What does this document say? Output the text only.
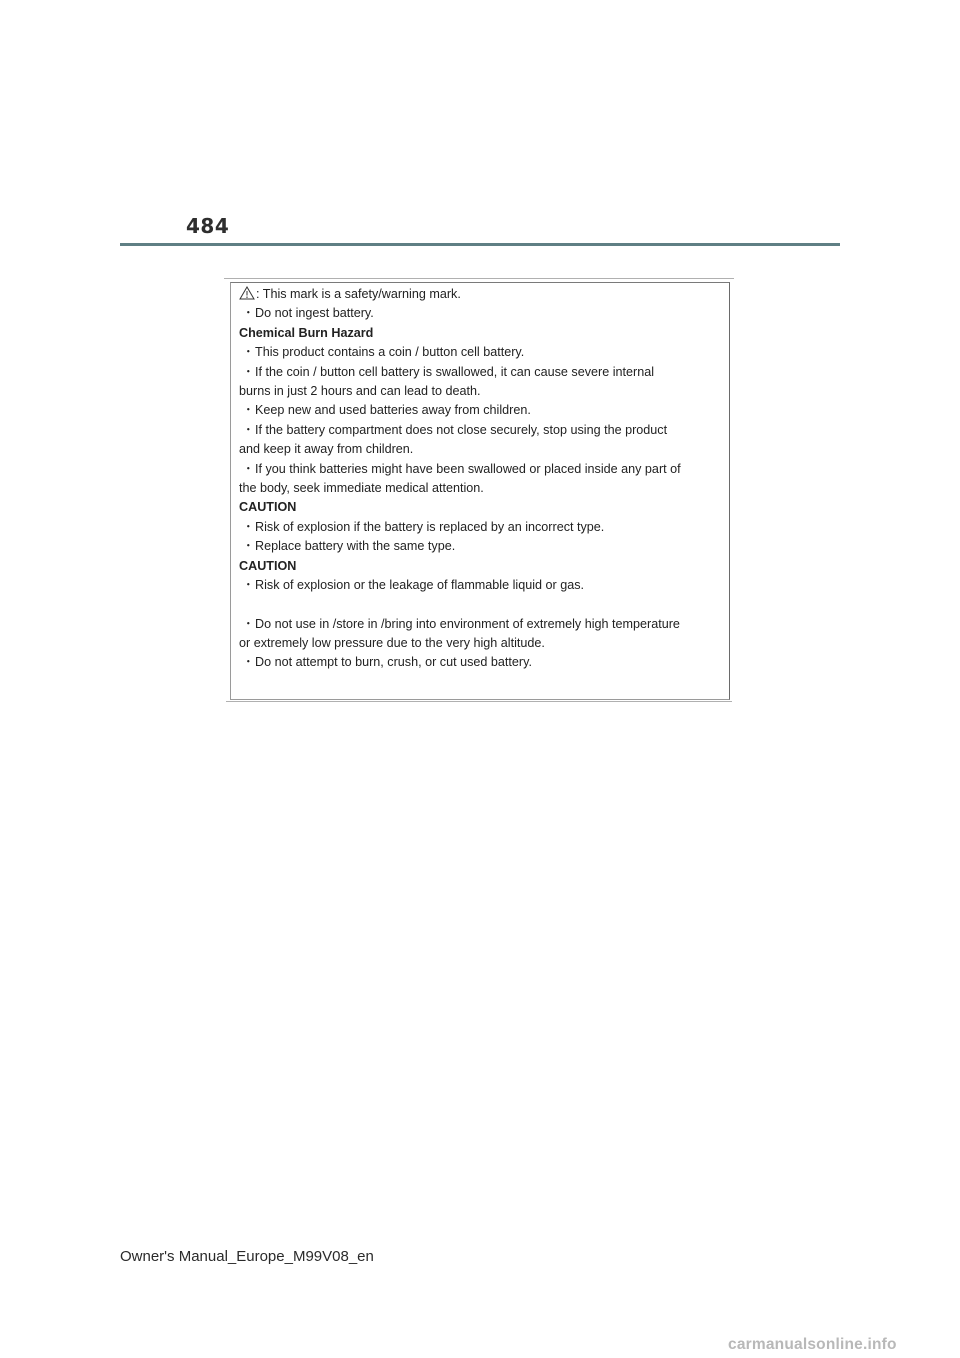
484
: This mark is a safety/warning mark.
・Do not ingest battery.
Chemical Burn Hazard
・This product contains a coin / button cell battery.
・If the coin / button cell battery is swallowed, it can cause severe internal
burns in just 2 hours and can lead to death.
・Keep new and used batteries away from children.
・If the battery compartment does not close securely, stop using the product
and keep it away from children.
・If you think batteries might have been swallowed or placed inside any part of
the body, seek immediate medical attention.
CAUTION
・Risk of explosion if the battery is replaced by an incorrect type.
・Replace battery with the same type.
CAUTION
・Risk of explosion or the leakage of flammable liquid or gas.
・Do not use in /store in /bring into environment of extremely high temperature
or extremely low pressure due to the very high altitude.
・Do not attempt to burn, crush, or cut used battery.
Owner's Manual_Europe_M99V08_en
carmanualsonline.info
